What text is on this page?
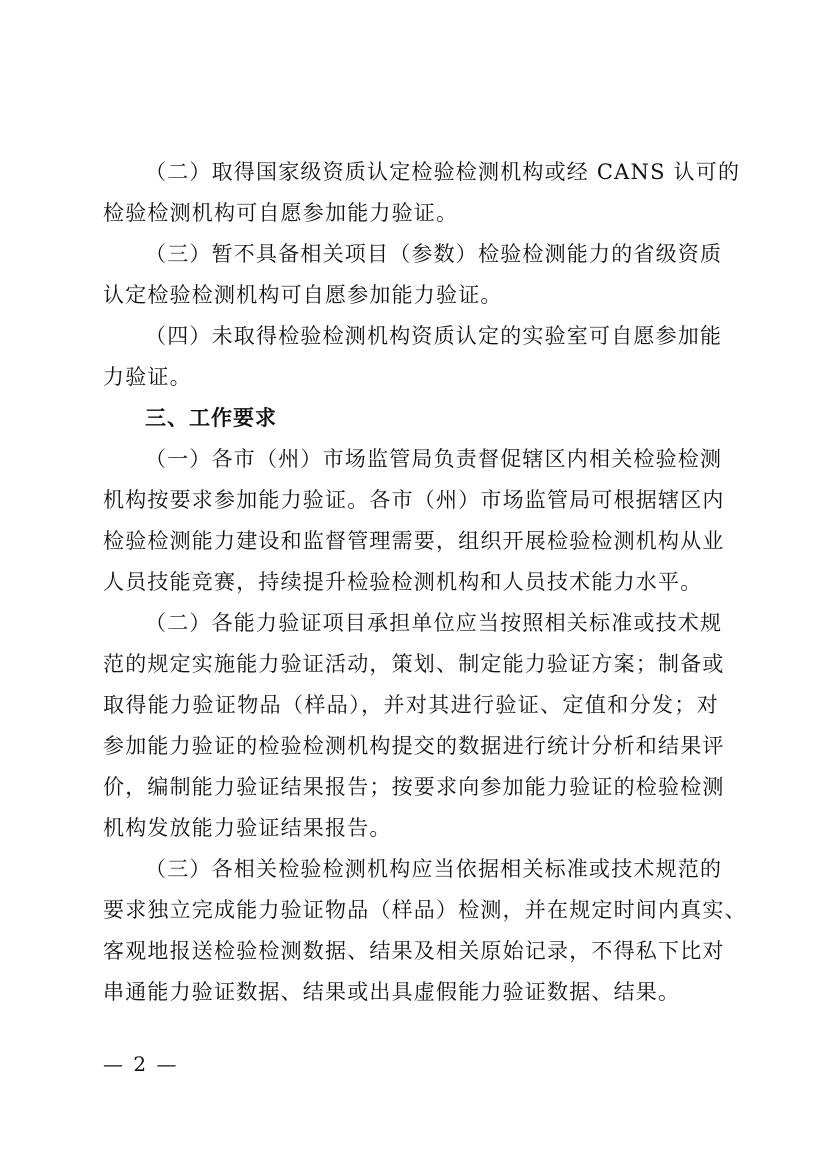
（二）取得国家级资质认定检验检测机构或经 CANS 认可的
检验检测机构可自愿参加能力验证。

（三）暂不具备相关项目（参数）检验检测能力的省级资质
认定检验检测机构可自愿参加能力验证。

（四）未取得检验检测机构资质认定的实验室可自愿参加能
力验证。

三、工作要求

（一）各市（州）市场监管局负责督促辖区内相关检验检测
机构按要求参加能力验证。各市（州）市场监管局可根据辖区内
检验检测能力建设和监督管理需要，组织开展检验检测机构从业
人员技能竞赛，持续提升检验检测机构和人员技术能力水平。

（二）各能力验证项目承担单位应当按照相关标准或技术规
范的规定实施能力验证活动，策划、制定能力验证方案；制备或
取得能力验证物品（样品），并对其进行验证、定值和分发；对
参加能力验证的检验检测机构提交的数据进行统计分析和结果评
价，编制能力验证结果报告；按要求向参加能力验证的检验检测
机构发放能力验证结果报告。

（三）各相关检验检测机构应当依据相关标准或技术规范的
要求独立完成能力验证物品（样品）检测，并在规定时间内真实、
客观地报送检验检测数据、结果及相关原始记录，不得私下比对
串通能力验证数据、结果或出具虚假能力验证数据、结果。

— 2 —
